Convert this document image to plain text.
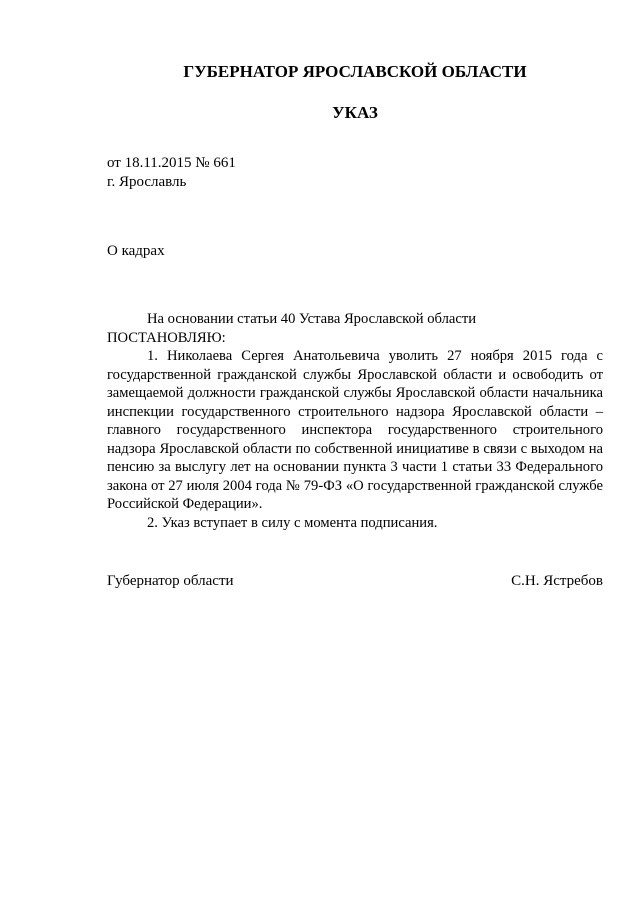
ГУБЕРНАТОР ЯРОСЛАВСКОЙ ОБЛАСТИ
УКАЗ
от 18.11.2015 № 661
г. Ярославль
О кадрах

На основании статьи 40 Устава Ярославской области

ПОСТАНОВЛЯЮ:

1. Николаева Сергея Анатольевича уволить 27 ноября 2015 года с государственной гражданской службы Ярославской области и освободить от замещаемой должности гражданской службы Ярославской области начальника инспекции государственного строительного надзора Ярославской области – главного государственного инспектора государственного строительного надзора Ярославской области по собственной инициативе в связи с выходом на пенсию за выслугу лет на основании пункта 3 части 1 статьи 33 Федерального закона от 27 июля 2004 года № 79-ФЗ «О государственной гражданской службе Российской Федерации».

2. Указ вступает в силу с момента подписания.

Губернатор области	С.Н. Ястребов
